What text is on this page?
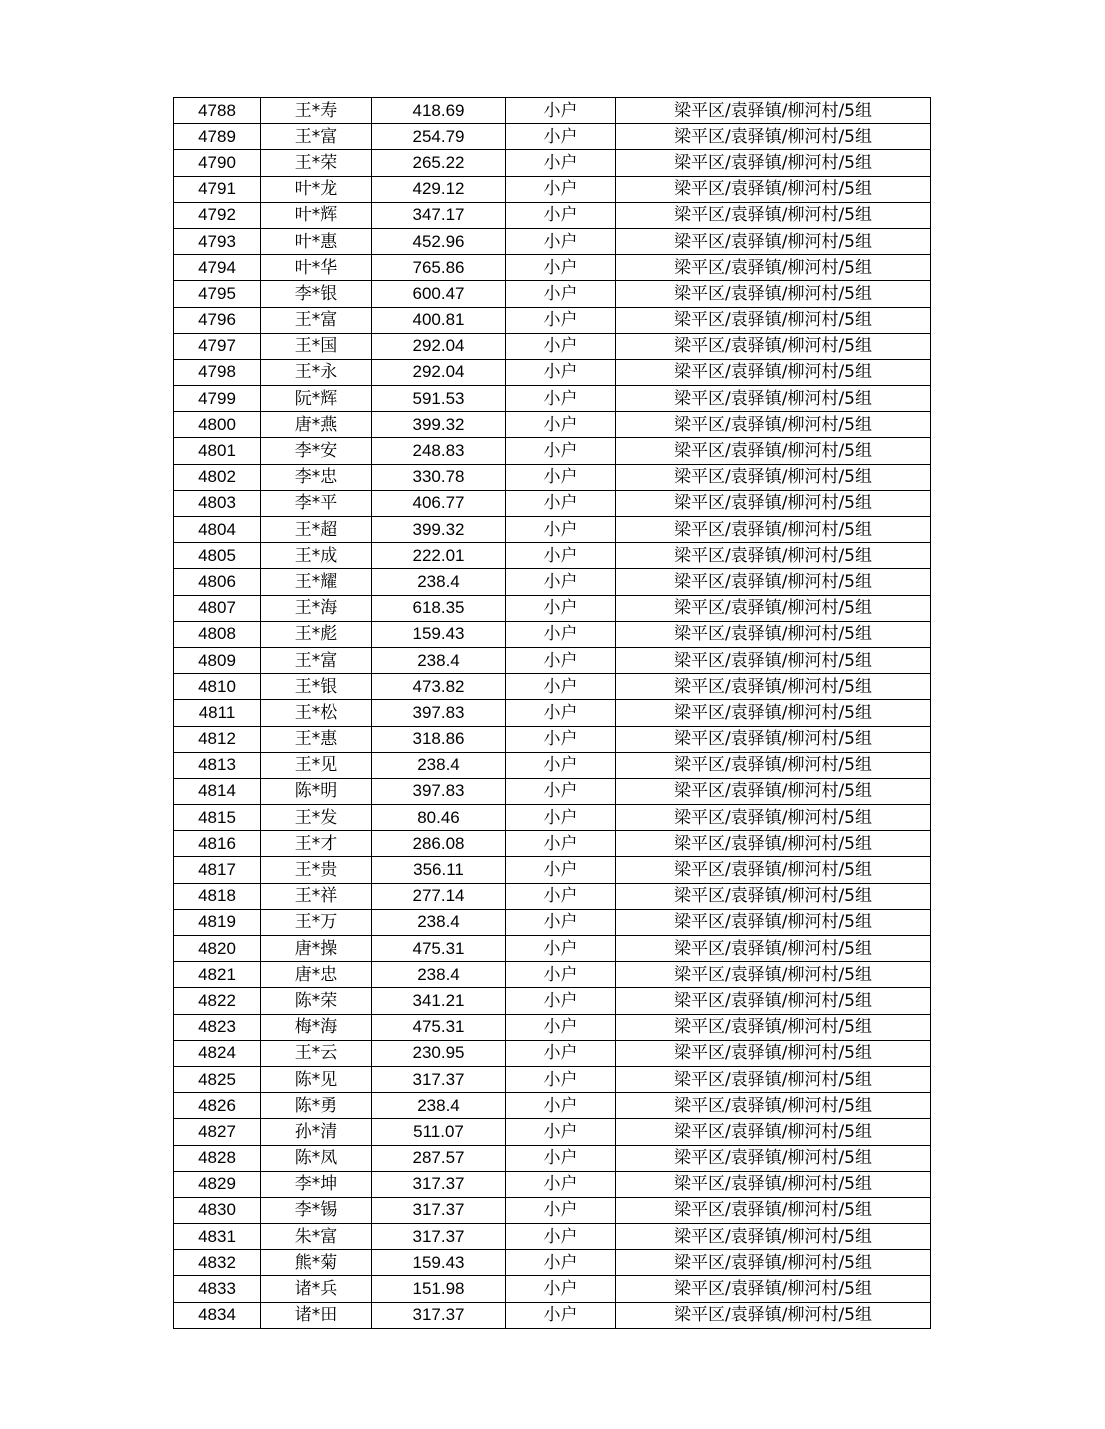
4788	王*寿	418.69	小户	梁平区/袁驿镇/柳河村/5组
4789	王*富	254.79	小户	梁平区/袁驿镇/柳河村/5组
4790	王*荣	265.22	小户	梁平区/袁驿镇/柳河村/5组
4791	叶*龙	429.12	小户	梁平区/袁驿镇/柳河村/5组
4792	叶*辉	347.17	小户	梁平区/袁驿镇/柳河村/5组
4793	叶*惠	452.96	小户	梁平区/袁驿镇/柳河村/5组
4794	叶*华	765.86	小户	梁平区/袁驿镇/柳河村/5组
4795	李*银	600.47	小户	梁平区/袁驿镇/柳河村/5组
4796	王*富	400.81	小户	梁平区/袁驿镇/柳河村/5组
4797	王*国	292.04	小户	梁平区/袁驿镇/柳河村/5组
4798	王*永	292.04	小户	梁平区/袁驿镇/柳河村/5组
4799	阮*辉	591.53	小户	梁平区/袁驿镇/柳河村/5组
4800	唐*燕	399.32	小户	梁平区/袁驿镇/柳河村/5组
4801	李*安	248.83	小户	梁平区/袁驿镇/柳河村/5组
4802	李*忠	330.78	小户	梁平区/袁驿镇/柳河村/5组
4803	李*平	406.77	小户	梁平区/袁驿镇/柳河村/5组
4804	王*超	399.32	小户	梁平区/袁驿镇/柳河村/5组
4805	王*成	222.01	小户	梁平区/袁驿镇/柳河村/5组
4806	王*耀	238.4	小户	梁平区/袁驿镇/柳河村/5组
4807	王*海	618.35	小户	梁平区/袁驿镇/柳河村/5组
4808	王*彪	159.43	小户	梁平区/袁驿镇/柳河村/5组
4809	王*富	238.4	小户	梁平区/袁驿镇/柳河村/5组
4810	王*银	473.82	小户	梁平区/袁驿镇/柳河村/5组
4811	王*松	397.83	小户	梁平区/袁驿镇/柳河村/5组
4812	王*惠	318.86	小户	梁平区/袁驿镇/柳河村/5组
4813	王*见	238.4	小户	梁平区/袁驿镇/柳河村/5组
4814	陈*明	397.83	小户	梁平区/袁驿镇/柳河村/5组
4815	王*发	80.46	小户	梁平区/袁驿镇/柳河村/5组
4816	王*才	286.08	小户	梁平区/袁驿镇/柳河村/5组
4817	王*贵	356.11	小户	梁平区/袁驿镇/柳河村/5组
4818	王*祥	277.14	小户	梁平区/袁驿镇/柳河村/5组
4819	王*万	238.4	小户	梁平区/袁驿镇/柳河村/5组
4820	唐*操	475.31	小户	梁平区/袁驿镇/柳河村/5组
4821	唐*忠	238.4	小户	梁平区/袁驿镇/柳河村/5组
4822	陈*荣	341.21	小户	梁平区/袁驿镇/柳河村/5组
4823	梅*海	475.31	小户	梁平区/袁驿镇/柳河村/5组
4824	王*云	230.95	小户	梁平区/袁驿镇/柳河村/5组
4825	陈*见	317.37	小户	梁平区/袁驿镇/柳河村/5组
4826	陈*勇	238.4	小户	梁平区/袁驿镇/柳河村/5组
4827	孙*清	511.07	小户	梁平区/袁驿镇/柳河村/5组
4828	陈*凤	287.57	小户	梁平区/袁驿镇/柳河村/5组
4829	李*坤	317.37	小户	梁平区/袁驿镇/柳河村/5组
4830	李*锡	317.37	小户	梁平区/袁驿镇/柳河村/5组
4831	朱*富	317.37	小户	梁平区/袁驿镇/柳河村/5组
4832	熊*菊	159.43	小户	梁平区/袁驿镇/柳河村/5组
4833	诸*兵	151.98	小户	梁平区/袁驿镇/柳河村/5组
4834	诸*田	317.37	小户	梁平区/袁驿镇/柳河村/5组
